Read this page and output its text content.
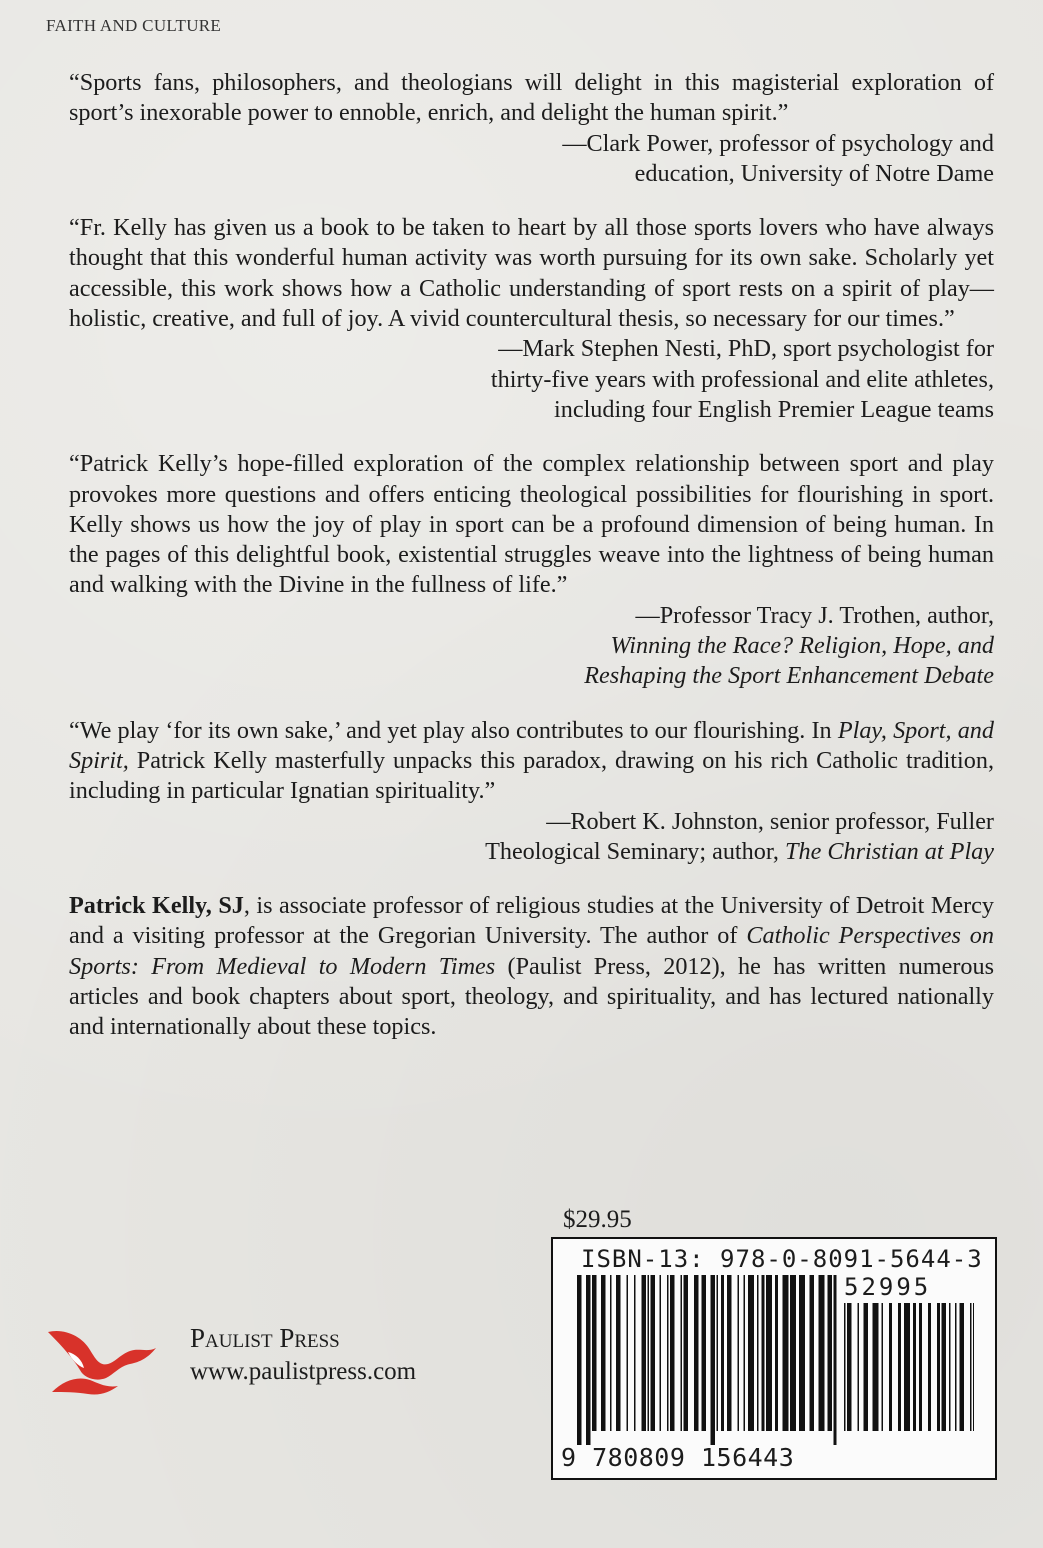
FAITH AND CULTURE

“Sports fans, philosophers, and theologians will delight in this magisterial exploration of sport’s inexorable power to ennoble, enrich, and delight the human spirit.”

—Clark Power, professor of psychology and
education, University of Notre Dame

“Fr. Kelly has given us a book to be taken to heart by all those sports lovers who have always thought that this wonderful human activity was worth pursuing for its own sake. Scholarly yet accessible, this work shows how a Catholic understanding of sport rests on a spirit of play—holistic, creative, and full of joy. A vivid countercultural thesis, so necessary for our times.”

—Mark Stephen Nesti, PhD, sport psychologist for
thirty-five years with professional and elite athletes,
including four English Premier League teams

“Patrick Kelly’s hope-filled exploration of the complex relationship between sport and play provokes more questions and offers enticing theological possibilities for flourishing in sport. Kelly shows us how the joy of play in sport can be a profound dimension of being human. In the pages of this delightful book, existential struggles weave into the lightness of being human and walking with the Divine in the fullness of life.”

—Professor Tracy J. Trothen, author,
Winning the Race? Religion, Hope, and
Reshaping the Sport Enhancement Debate

“We play ‘for its own sake,’ and yet play also contributes to our flourishing. In Play, Sport, and Spirit, Patrick Kelly masterfully unpacks this paradox, drawing on his rich Catholic tradition, including in particular Ignatian spirituality.”

—Robert K. Johnston, senior professor, Fuller
Theological Seminary; author, The Christian at Play

Patrick Kelly, SJ, is associate professor of religious studies at the University of Detroit Mercy and a visiting professor at the Gregorian University. The author of Catholic Perspectives on Sports: From Medieval to Modern Times (Paulist Press, 2012), he has written numerous articles and book chapters about sport, theology, and spirituality, and has lectured nationally and internationally about these topics.

$29.95
ISBN-13: 978-0-8091-5644-3
52995
9 780809 156443
Paulist Press
www.paulistpress.com
